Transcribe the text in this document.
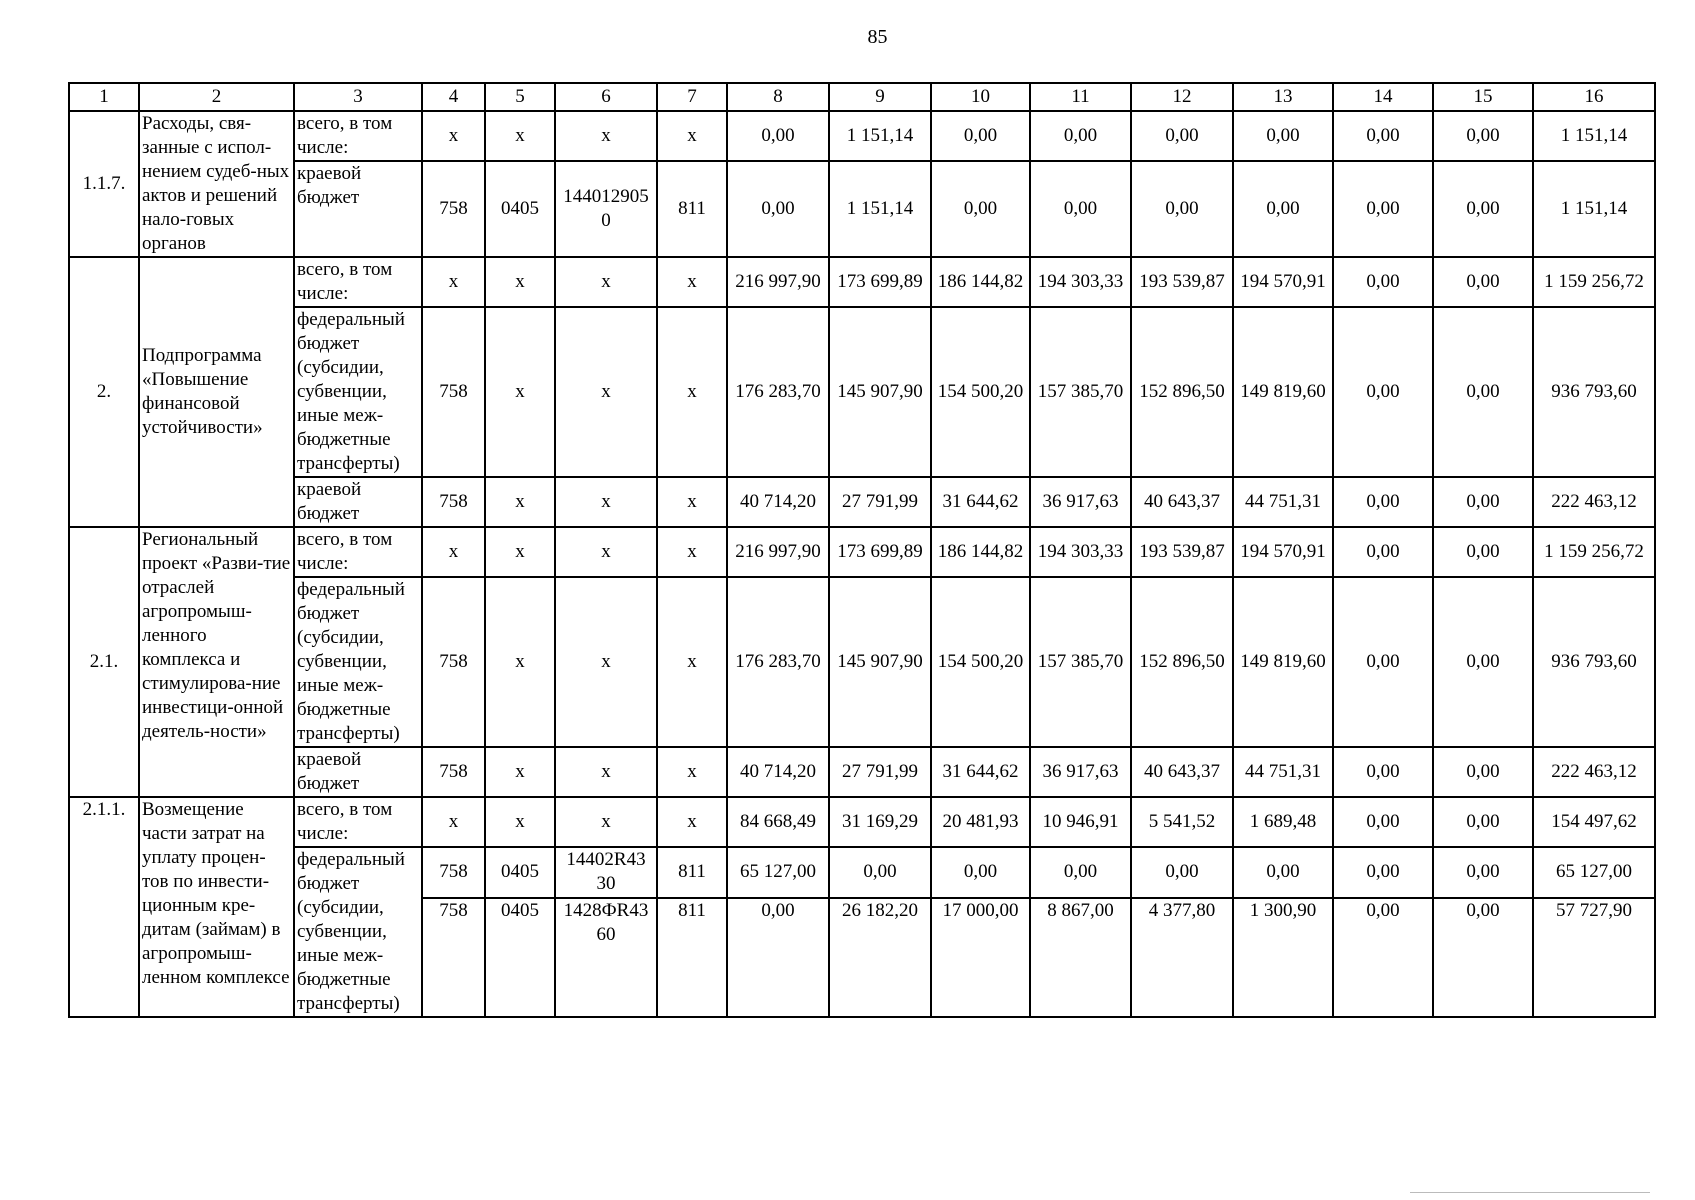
85
1	2	3	4	5	6	7	8	9	10	11	12	13	14	15	16
1.1.7.	Расходы, свя-занные с испол-нением судеб-ных актов и решений нало-говых органов	всего, в том числе:	x	x	x	x	0,00	1 151,14	0,00	0,00	0,00	0,00	0,00	0,00	1 151,14
		краевой бюджет	758	0405	144012905 0	811	0,00	1 151,14	0,00	0,00	0,00	0,00	0,00	0,00	1 151,14
2.	Подпрограмма «Повышение финансовой устойчивости»	всего, в том числе:	x	x	x	x	216 997,90	173 699,89	186 144,82	194 303,33	193 539,87	194 570,91	0,00	0,00	1 159 256,72
		федеральный бюджет (субсидии, субвенции, иные меж-бюджетные трансферты)	758	x	x	x	176 283,70	145 907,90	154 500,20	157 385,70	152 896,50	149 819,60	0,00	0,00	936 793,60
		краевой бюджет	758	x	x	x	40 714,20	27 791,99	31 644,62	36 917,63	40 643,37	44 751,31	0,00	0,00	222 463,12
2.1.	Региональный проект «Разви-тие отраслей агропромыш-ленного комплекса и стимулирова-ние инвестици-онной деятель-ности»	всего, в том числе:	x	x	x	x	216 997,90	173 699,89	186 144,82	194 303,33	193 539,87	194 570,91	0,00	0,00	1 159 256,72
		федеральный бюджет (субсидии, субвенции, иные меж-бюджетные трансферты)	758	x	x	x	176 283,70	145 907,90	154 500,20	157 385,70	152 896,50	149 819,60	0,00	0,00	936 793,60
		краевой бюджет	758	x	x	x	40 714,20	27 791,99	31 644,62	36 917,63	40 643,37	44 751,31	0,00	0,00	222 463,12
2.1.1.	Возмещение части затрат на уплату процен-тов по инвести-ционным кре-дитам (займам) в агропромыш-ленном комплексе	всего, в том числе:	x	x	x	x	84 668,49	31 169,29	20 481,93	10 946,91	5 541,52	1 689,48	0,00	0,00	154 497,62
		федеральный бюджет (субсидии, субвенции, иные меж-бюджетные трансферты)	758	0405	14402R43 30	811	65 127,00	0,00	0,00	0,00	0,00	0,00	0,00	0,00	65 127,00
			758	0405	1428ФR43 60	811	0,00	26 182,20	17 000,00	8 867,00	4 377,80	1 300,90	0,00	0,00	57 727,90
